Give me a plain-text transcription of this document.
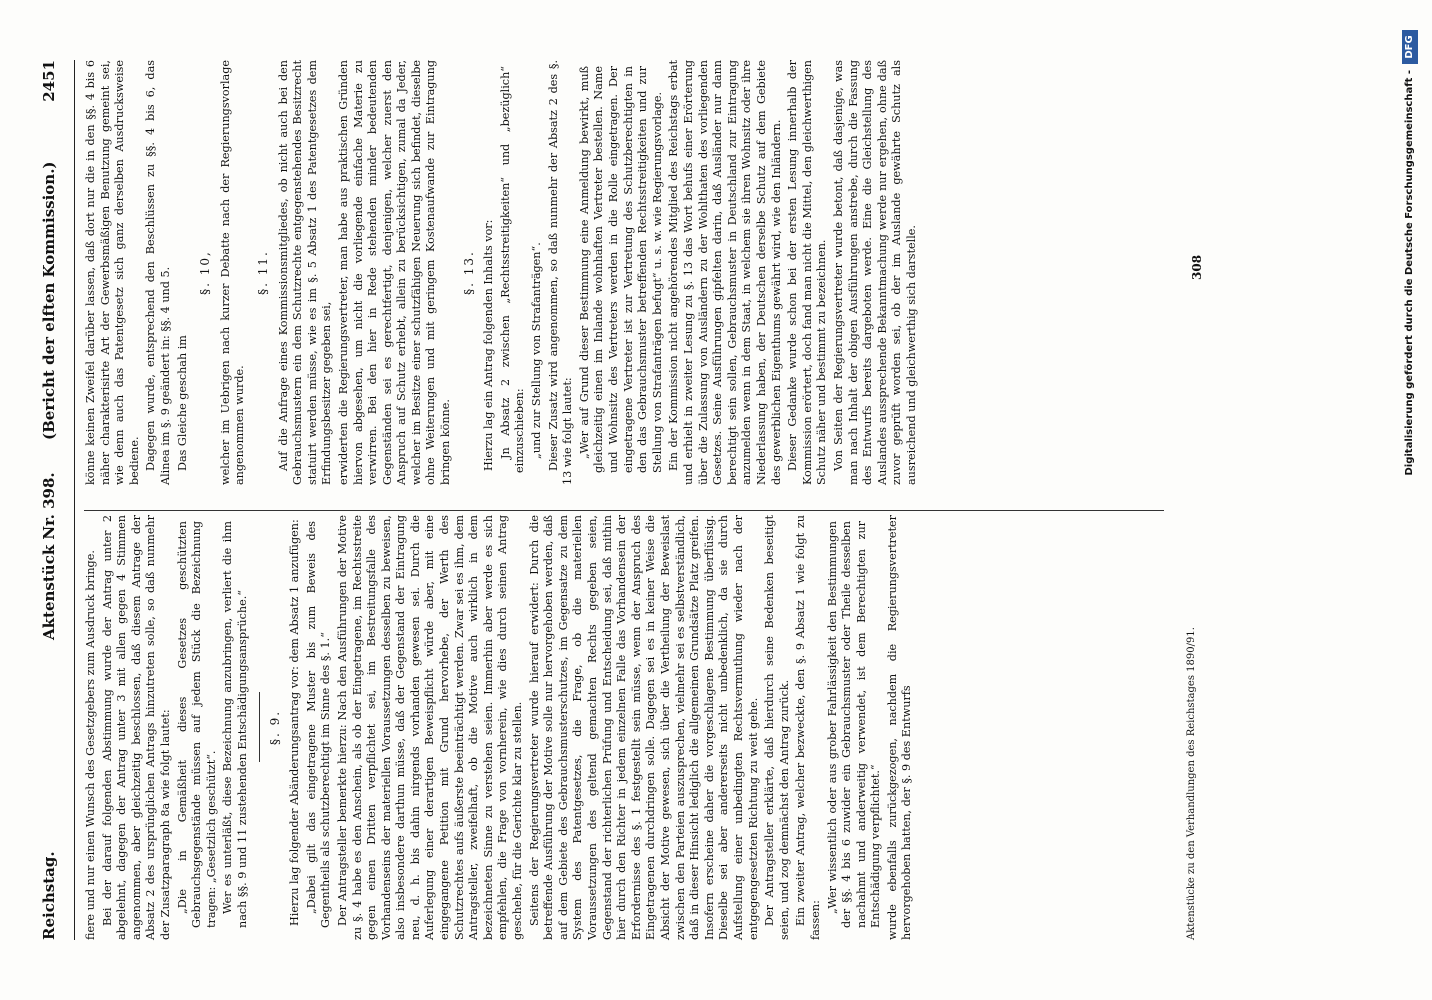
Reichstag.
Aktenstück Nr. 398.
(Bericht der elften Kommission.)
2451

fiere und nur einen Wunsch des Gesetzgebers zum Ausdruck bringe. Bei der darauf folgenden Abstimmung wurde der Antrag unter 2 abgelehnt, dagegen der Antrag unter 3 mit allen gegen 4 Stimmen angenommen, aber gleichzeitig beschlossen, daß diesem Antrage der Absatz 2 des ursprünglichen Antrags hinzutreten solle, so daß nunmehr der Zusatzparagraph 8a wie folgt lautet: „Die in Gemäßheit dieses Gesetzes geschützten Gebrauchsgegenstände müssen auf jedem Stück die Bezeichnung tragen: „Gesetzlich geschützt“. Wer es unterläßt, diese Bezeichnung anzubringen, verliert die ihm nach §§. 9 und 11 zustehenden Entschädigungsansprüche.“ §. 9. Hierzu lag folgender Abänderungsantrag vor: dem Absatz 1 anzufügen: „Dabei gilt das eingetragene Muster bis zum Beweis des Gegentheils als schutzberechtigt im Sinne des §. 1.“ Der Antragsteller bemerkte hierzu: Nach den Ausführungen der Motive zu §. 4 habe es den Anschein, als ob der Eingetragene, im Rechtsstreite gegen einen Dritten verpflichtet sei, im Bestreitungsfalle des Vorhandenseins der materiellen Voraussetzungen desselben zu beweisen, also insbesondere darthun müsse, daß der Gegenstand der Eintragung neu, d. h. bis dahin nirgends vorhanden gewesen sei. Durch die Auferlegung einer derartigen Beweispflicht würde aber, mit eine eingegangene Petition mit Grund hervorhebe, der Werth des Schutzrechtes aufs äußerste beeinträchtigt werden. Zwar sei es ihm, dem Antragsteller, zweifelhaft, ob die Motive auch wirklich in dem bezeichneten Sinne zu verstehen seien. Immerhin aber werde es sich empfehlen, die Frage von vornherein, wie dies durch seinen Antrag geschehe, für die Gerichte klar zu stellen. Seitens der Regierungsvertreter wurde hierauf erwidert: Durch die betreffende Ausführung der Motive solle nur hervorgehoben werden, daß auf dem Gebiete des Gebrauchsmusterschutzes, im Gegensatze zu dem System des Patentgesetzes, die Frage, ob die materiellen Voraussetzungen des geltend gemachten Rechts gegeben seien, Gegenstand der richterlichen Prüfung und Entscheidung sei, daß mithin hier durch den Richter in jedem einzelnen Falle das Vorhandensein der Erfordernisse des §. 1 festgestellt sein müsse, wenn der Anspruch des Eingetragenen durchdringen solle. Dagegen sei es in keiner Weise die Absicht der Motive gewesen, sich über die Vertheilung der Beweislast zwischen den Parteien auszusprechen, vielmehr sei es selbstverständlich, daß in dieser Hinsicht lediglich die allgemeinen Grundsätze Platz greifen. Insofern erscheine daher die vorgeschlagene Bestimmung überflüssig. Dieselbe sei aber andererseits nicht unbedenklich, da sie durch Aufstellung einer unbedingten Rechtsvermuthung wieder nach der entgegengesetzten Richtung zu weit gehe. Der Antragsteller erklärte, daß hierdurch seine Bedenken beseitigt seien, und zog demnächst den Antrag zurück. Ein zweiter Antrag, welcher bezweckte, den §. 9 Absatz 1 wie folgt zu fassen:

„Wer wissentlich oder aus grober Fahrlässigkeit den Bestimmungen der §§. 4 bis 6 zuwider ein Gebrauchsmuster oder Theile desselben nachahmt und anderweitig verwendet, ist dem Berechtigten zur Entschädigung verpflichtet.“ wurde ebenfalls zurückgezogen, nachdem die Regierungsvertreter hervorgehoben hatten, der §. 9 des Entwurfs

könne keinen Zweifel darüber lassen, daß dort nur die in den §§. 4 bis 6 näher charakterisirte Art der Gewerbsmäßigen Benutzung gemeint sei, wie denn auch das Patentgesetz sich ganz derselben Ausdrucksweise bediene. Dagegen wurde, entsprechend den Beschlüssen zu §§. 4 bis 6, das Alinea im §. 9 geändert in: §§. 4 und 5. Das Gleiche geschah im

§. 10, welcher im Uebrigen nach kurzer Debatte nach der Regierungsvorlage angenommen wurde.

§. 11. Auf die Anfrage eines Kommissionsmitgliedes, ob nicht auch bei den Gebrauchsmustern ein dem Schutzrechte entgegenstehendes Besitzrecht statuirt werden müsse, wie es im §. 5 Absatz 1 des Patentgesetzes dem Erfindungsbesitzer gegeben sei, erwiderten die Regierungsvertreter, man habe aus praktischen Gründen hiervon abgesehen, um nicht die vorliegende einfache Materie zu verwirren. Bei den hier in Rede stehenden minder bedeutenden Gegenständen sei es gerechtfertigt, denjenigen, welcher zuerst den Anspruch auf Schutz erhebt, allein zu berücksichtigen, zumal da Jeder, welcher im Besitze einer schutzfähigen Neuerung sich befindet, dieselbe ohne Weiterungen und mit geringem Kostenaufwande zur Eintragung bringen könne.

§. 13. Hierzu lag ein Antrag folgenden Inhalts vor: Jn Absatz 2 zwischen „Rechtsstreitigkeiten“ und „bezüglich“ einzuschieben: „und zur Stellung von Strafanträgen“. Dieser Zusatz wird angenommen, so daß nunmehr der Absatz 2 des §. 13 wie folgt lautet: „Wer auf Grund dieser Bestimmung eine Anmeldung bewirkt, muß gleichzeitig einen im Inlande wohnhaften Vertreter bestellen. Name und Wohnsitz des Vertreters werden in die Rolle eingetragen. Der eingetragene Vertreter ist zur Vertretung des Schutzberechtigten in den das Gebrauchsmuster betreffenden Rechtsstreitigkeiten und zur Stellung von Strafanträgen befugt“ u. s. w. wie Regierungsvorlage. Ein der Kommission nicht angehörendes Mitglied des Reichstags erbat und erhielt in zweiter Lesung zu §. 13 das Wort behufs einer Erörterung über die Zulassung von Ausländern zu der Wohlthaten des vorliegenden Gesetzes. Seine Ausführungen gipfelten darin, daß Ausländer nur dann berechtigt sein sollen, Gebrauchsmuster in Deutschland zur Eintragung anzumelden wenn in dem Staat, in welchem sie ihren Wohnsitz oder ihre Niederlassung haben, der Deutschen derselbe Schutz auf dem Gebiete des gewerblichen Eigenthums gewährt wird, wie den Inländern. Dieser Gedanke wurde schon bei der ersten Lesung innerhalb der Kommission erörtert, doch fand man nicht die Mittel, den gleichwerthigen Schutz näher und bestimmt zu bezeichnen. Von Seiten der Regierungsvertreter wurde betont, daß dasjenige, was man nach Inhalt der obigen Ausführungen anstrebe, durch die Fassung des Entwurfs bereits dargeboten werde. Eine die Gleichstellung des Auslandes aussprechende Bekanntmachung werde nur ergehen, ohne daß zuvor geprüft worden sei, ob der im Auslande gewährte Schutz als ausreichend und gleichwerthig sich darstelle.

Aktenstücke zu den Verhandlungen des Reichstages 1890/91.
308	Digitalisierung gefördert durch die Deutsche Forschungsgemeinschaft -
DFG
